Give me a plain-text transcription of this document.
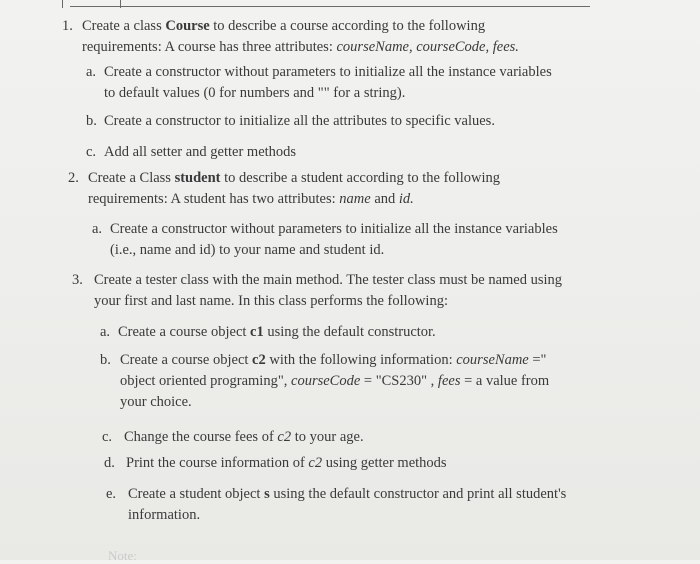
1. Create a class Course to describe a course according to the following
requirements: A course has three attributes: courseName, courseCode, fees.
a. Create a constructor without parameters to initialize all the instance variables
to default values (0 for numbers and "" for a string).
b. Create a constructor to initialize all the attributes to specific values.
c. Add all setter and getter methods
2. Create a Class student to describe a student according to the following
requirements: A student has two attributes: name and id.
a. Create a constructor without parameters to initialize all the instance variables
(i.e., name and id) to your name and student id.
3. Create a tester class with the main method. The tester class must be named using
your first and last name. In this class performs the following:
a. Create a course object c1 using the default constructor.
b. Create a course object c2 with the following information: courseName ="
object oriented programing", courseCode = "CS230" , fees = a value from
your choice.
c. Change the course fees of c2 to your age.
d. Print the course information of c2 using getter methods
e. Create a student object s using the default constructor and print all student's
information.
Note:
